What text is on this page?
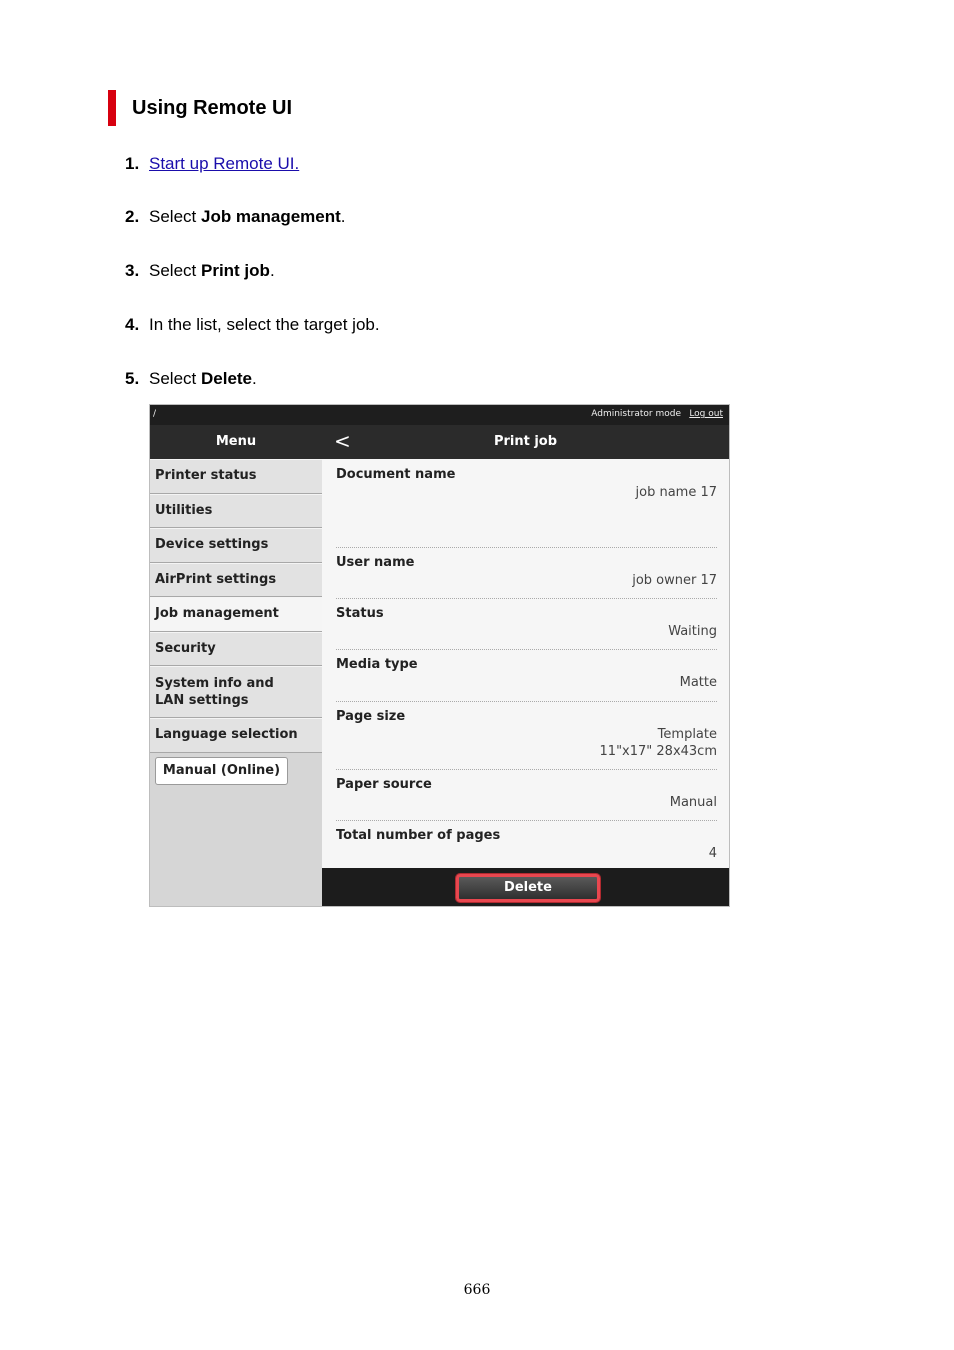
Using Remote UI
1. Start up Remote UI.
2. Select Job management.
3. Select Print job.
4. In the list, select the target job.
5. Select Delete.
/	Administrator mode Log out
Menu	<	Print job
Printer status
Utilities
Device settings
AirPrint settings
Job management
Security
System info and LAN settings
Language selection
Manual (Online)
Document name
job name 17
User name
job owner 17
Status
Waiting
Media type
Matte
Page size
Template
11"x17" 28x43cm
Paper source
Manual
Total number of pages
4
Delete
666
